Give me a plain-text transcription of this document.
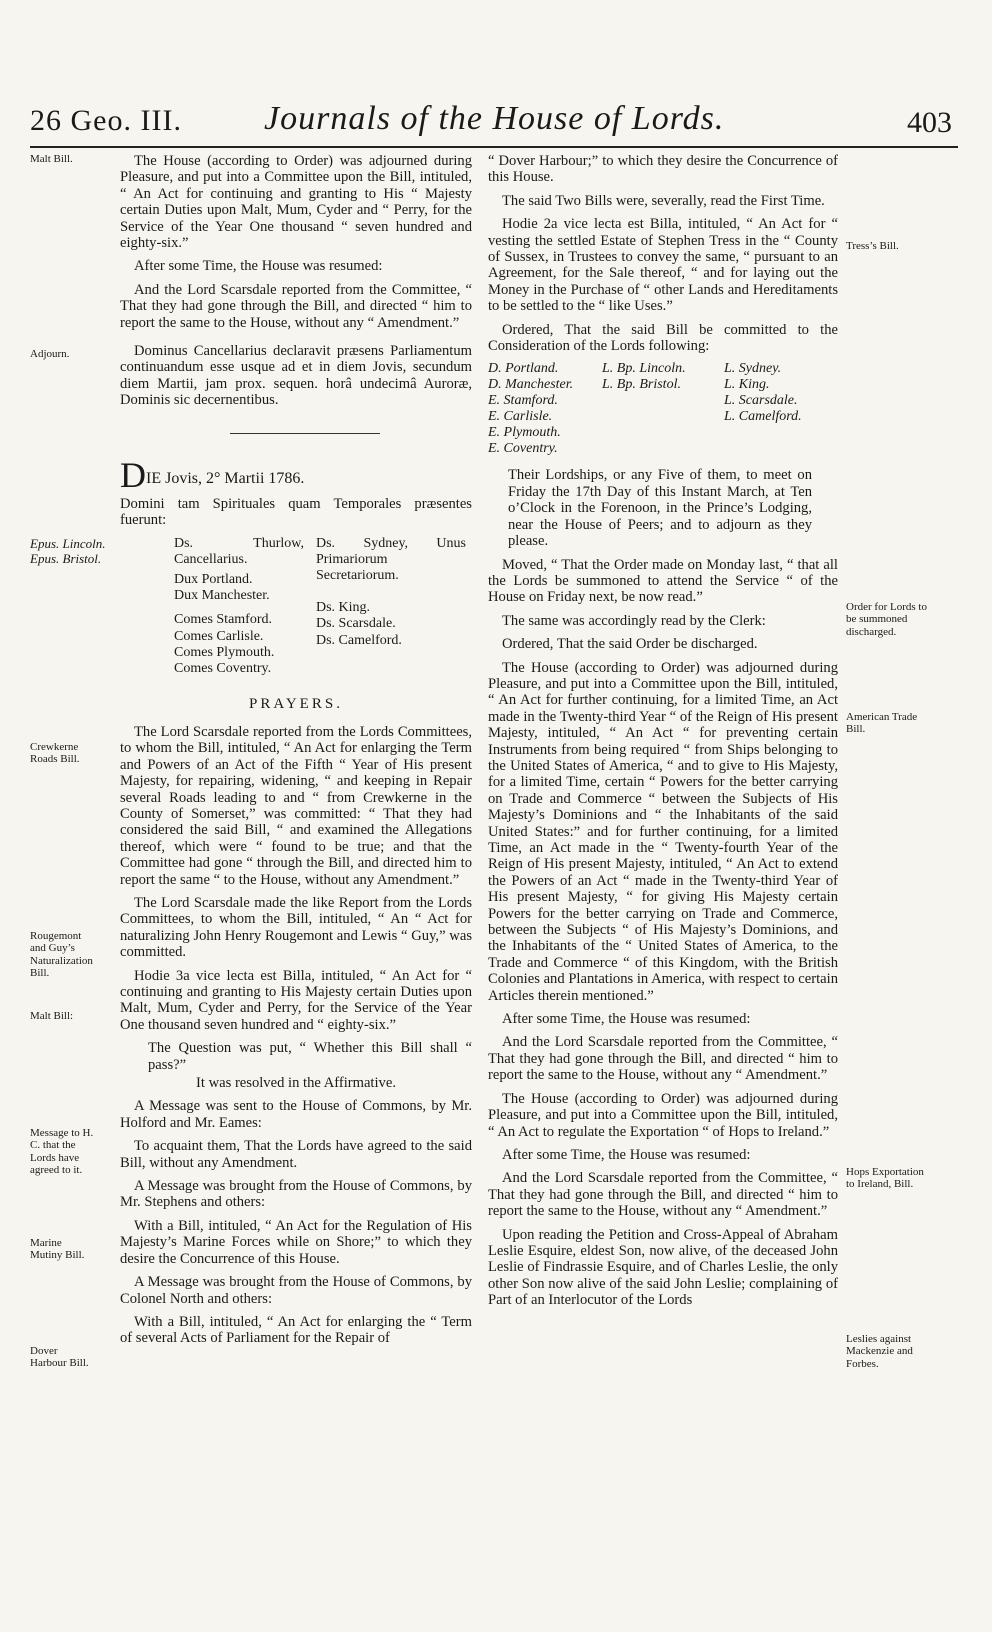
26 Geo. III. Journals of the House of Lords.	403
Malt Bill.
Adjourn.
Crewkerne Roads Bill.
Rougemont and Guy’s Naturalization Bill.
Malt Bill:
Message to H. C. that the Lords have agreed to it.
Marine Mutiny Bill.
Dover Harbour Bill.
Tress’s Bill.
Order for Lords to be summoned discharged.
American Trade Bill.
Hops Exportation to Ireland, Bill.
Leslies against Mackenzie and Forbes.

The House (according to Order) was adjourned during Pleasure, and put into a Committee upon the Bill, intituled, “ An Act for continuing and granting to His “ Majesty certain Duties upon Malt, Mum, Cyder and “ Perry, for the Service of the Year One thousand “ seven hundred and eighty-six.”

After some Time, the House was resumed:

And the Lord Scarsdale reported from the Committee, “ That they had gone through the Bill, and directed “ him to report the same to the House, without any “ Amendment.”

Dominus Cancellarius declaravit præsens Parliamentum continuandum esse usque ad et in diem Jovis, secundum diem Martii, jam prox. sequen. horâ undecimâ Auroræ, Dominis sic decernentibus.

DIE Jovis, 2° Martii 1786.

Domini tam Spirituales quam Temporales præsentes fuerunt:

Epus. Lincoln.
Epus. Bristol.
Ds. Thurlow, Cancellarius.
Dux Portland.
Dux Manchester.
Comes Stamford.
Comes Carlisle.
Comes Plymouth.
Comes Coventry.
Ds. Sydney, Unus Primariorum Secretariorum.
Ds. King.
Ds. Scarsdale.
Ds. Camelford.
PRAYERS.

The Lord Scarsdale reported from the Lords Committees, to whom the Bill, intituled, “ An Act for enlarging the Term and Powers of an Act of the Fifth “ Year of His present Majesty, for repairing, widening, “ and keeping in Repair several Roads leading to and “ from Crewkerne in the County of Somerset,” was committed: “ That they had considered the said Bill, “ and examined the Allegations thereof, which were “ found to be true; and that the Committee had gone “ through the Bill, and directed him to report the same “ to the House, without any Amendment.”

The Lord Scarsdale made the like Report from the Lords Committees, to whom the Bill, intituled, “ An “ Act for naturalizing John Henry Rougemont and Lewis “ Guy,” was committed.

Hodie 3a vice lecta est Billa, intituled, “ An Act for “ continuing and granting to His Majesty certain Duties upon Malt, Mum, Cyder and Perry, for the Service of the Year One thousand seven hundred and “ eighty-six.”

The Question was put, “ Whether this Bill shall “ pass?”

It was resolved in the Affirmative.

A Message was sent to the House of Commons, by Mr. Holford and Mr. Eames:

To acquaint them, That the Lords have agreed to the said Bill, without any Amendment.

A Message was brought from the House of Commons, by Mr. Stephens and others:

With a Bill, intituled, “ An Act for the Regulation of His Majesty’s Marine Forces while on Shore;” to which they desire the Concurrence of this House.

A Message was brought from the House of Commons, by Colonel North and others:

With a Bill, intituled, “ An Act for enlarging the “ Term of several Acts of Parliament for the Repair of

“ Dover Harbour;” to which they desire the Concurrence of this House.

The said Two Bills were, severally, read the First Time.

Hodie 2a vice lecta est Billa, intituled, “ An Act for “ vesting the settled Estate of Stephen Tress in the “ County of Sussex, in Trustees to convey the same, “ pursuant to an Agreement, for the Sale thereof, “ and for laying out the Money in the Purchase of “ other Lands and Hereditaments to be settled to the “ like Uses.”

Ordered, That the said Bill be committed to the Consideration of the Lords following:

D. Portland.
D. Manchester.
E. Stamford.
E. Carlisle.
E. Plymouth.
E. Coventry.
L. Bp. Lincoln.
L. Bp. Bristol.
L. Sydney.
L. King.
L. Scarsdale.
L. Camelford.

Their Lordships, or any Five of them, to meet on Friday the 17th Day of this Instant March, at Ten o’Clock in the Forenoon, in the Prince’s Lodging, near the House of Peers; and to adjourn as they please.

Moved, “ That the Order made on Monday last, “ that all the Lords be summoned to attend the Service “ of the House on Friday next, be now read.”

The same was accordingly read by the Clerk:

Ordered, That the said Order be discharged.

The House (according to Order) was adjourned during Pleasure, and put into a Committee upon the Bill, intituled, “ An Act for further continuing, for a limited Time, an Act made in the Twenty-third Year “ of the Reign of His present Majesty, intituled, “ An Act “ for preventing certain Instruments from being required “ from Ships belonging to the United States of America, “ and to give to His Majesty, for a limited Time, certain “ Powers for the better carrying on Trade and Commerce “ between the Subjects of His Majesty’s Dominions and “ the Inhabitants of the said United States:” and for further continuing, for a limited Time, an Act made in the “ Twenty-fourth Year of the Reign of His present Majesty, intituled, “ An Act to extend the Powers of an Act “ made in the Twenty-third Year of His present Majesty, “ for giving His Majesty certain Powers for the better carrying on Trade and Commerce, between the Subjects “ of His Majesty’s Dominions, and the Inhabitants of the “ United States of America, to the Trade and Commerce “ of this Kingdom, with the British Colonies and Plantations in America, with respect to certain Articles therein mentioned.”

After some Time, the House was resumed:

And the Lord Scarsdale reported from the Committee, “ That they had gone through the Bill, and directed “ him to report the same to the House, without any “ Amendment.”

The House (according to Order) was adjourned during Pleasure, and put into a Committee upon the Bill, intituled, “ An Act to regulate the Exportation “ of Hops to Ireland.”

After some Time, the House was resumed:

And the Lord Scarsdale reported from the Committee, “ That they had gone through the Bill, and directed “ him to report the same to the House, without any “ Amendment.”

Upon reading the Petition and Cross-Appeal of Abraham Leslie Esquire, eldest Son, now alive, of the deceased John Leslie of Findrassie Esquire, and of Charles Leslie, the only other Son now alive of the said John Leslie; complaining of Part of an Interlocutor of the Lords
